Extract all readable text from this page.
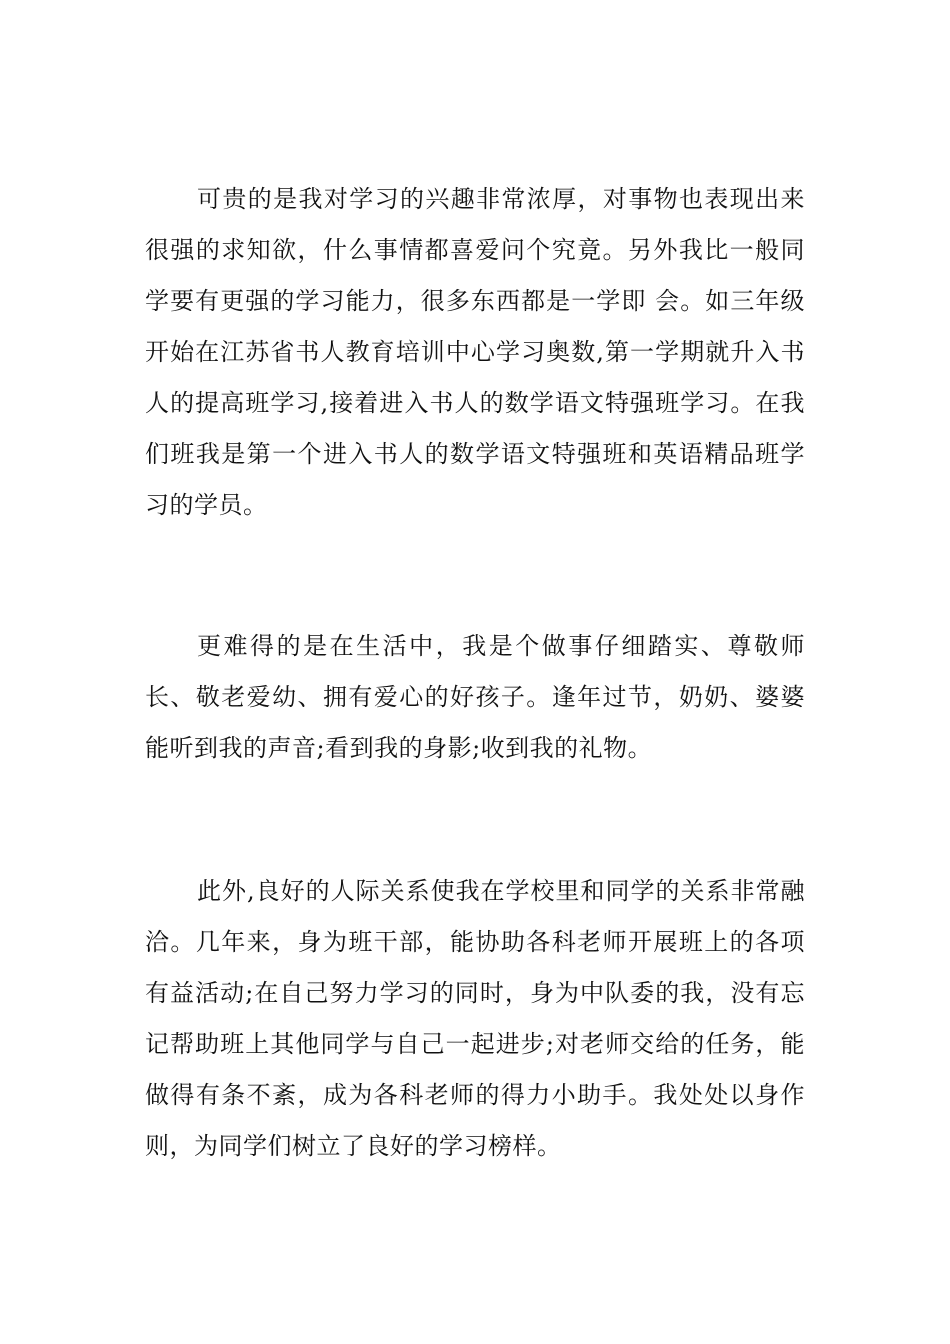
可贵的是我对学习的兴趣非常浓厚，对事物也表现出来很强的求知欲，什么事情都喜爱问个究竟。另外我比一般同学要有更强的学习能力，很多东西都是一学即 会。如三年级开始在江苏省书人教育培训中心学习奥数,第一学期就升入书人的提高班学习,接着进入书人的数学语文特强班学习。在我们班我是第一个进入书人的数学语文特强班和英语精品班学习的学员。

更难得的是在生活中，我是个做事仔细踏实、尊敬师长、敬老爱幼、拥有爱心的好孩子。逢年过节，奶奶、婆婆能听到我的声音;看到我的身影;收到我的礼物。

此外,良好的人际关系使我在学校里和同学的关系非常融洽。几年来，身为班干部，能协助各科老师开展班上的各项有益活动;在自己努力学习的同时，身为中队委的我，没有忘记帮助班上其他同学与自己一起进步;对老师交给的任务，能做得有条不紊，成为各科老师的得力小助手。我处处以身作则，为同学们树立了良好的学习榜样。
